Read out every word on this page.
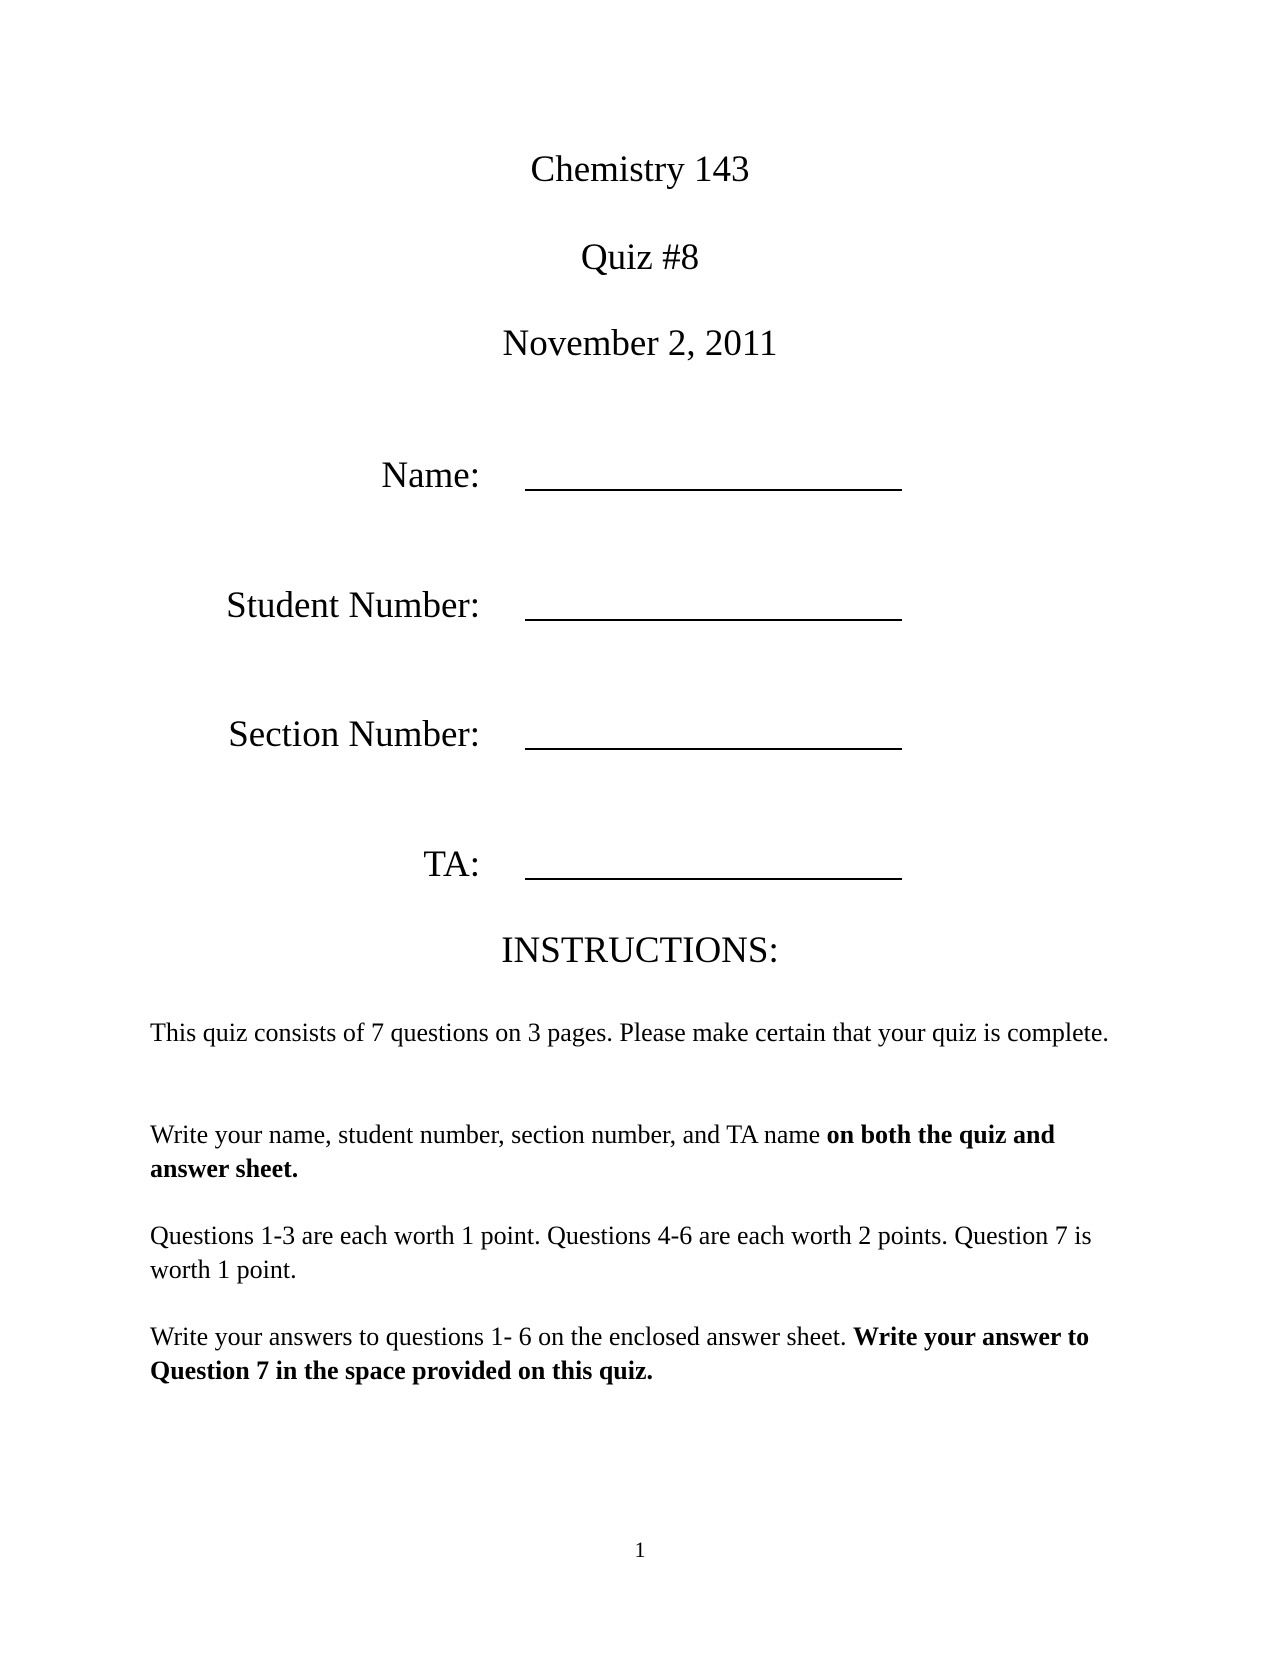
Chemistry 143
Quiz #8
November 2, 2011
Name:
Student Number:
Section Number:
TA:
INSTRUCTIONS:
This quiz consists of 7 questions on 3 pages. Please make certain that your quiz is complete.
Write your name, student number, section number, and TA name on both the quiz and answer sheet.
Questions 1-3 are each worth 1 point. Questions 4-6 are each worth 2 points. Question 7 is worth 1 point.
Write your answers to questions 1- 6 on the enclosed answer sheet. Write your answer to Question 7 in the space provided on this quiz.
1
